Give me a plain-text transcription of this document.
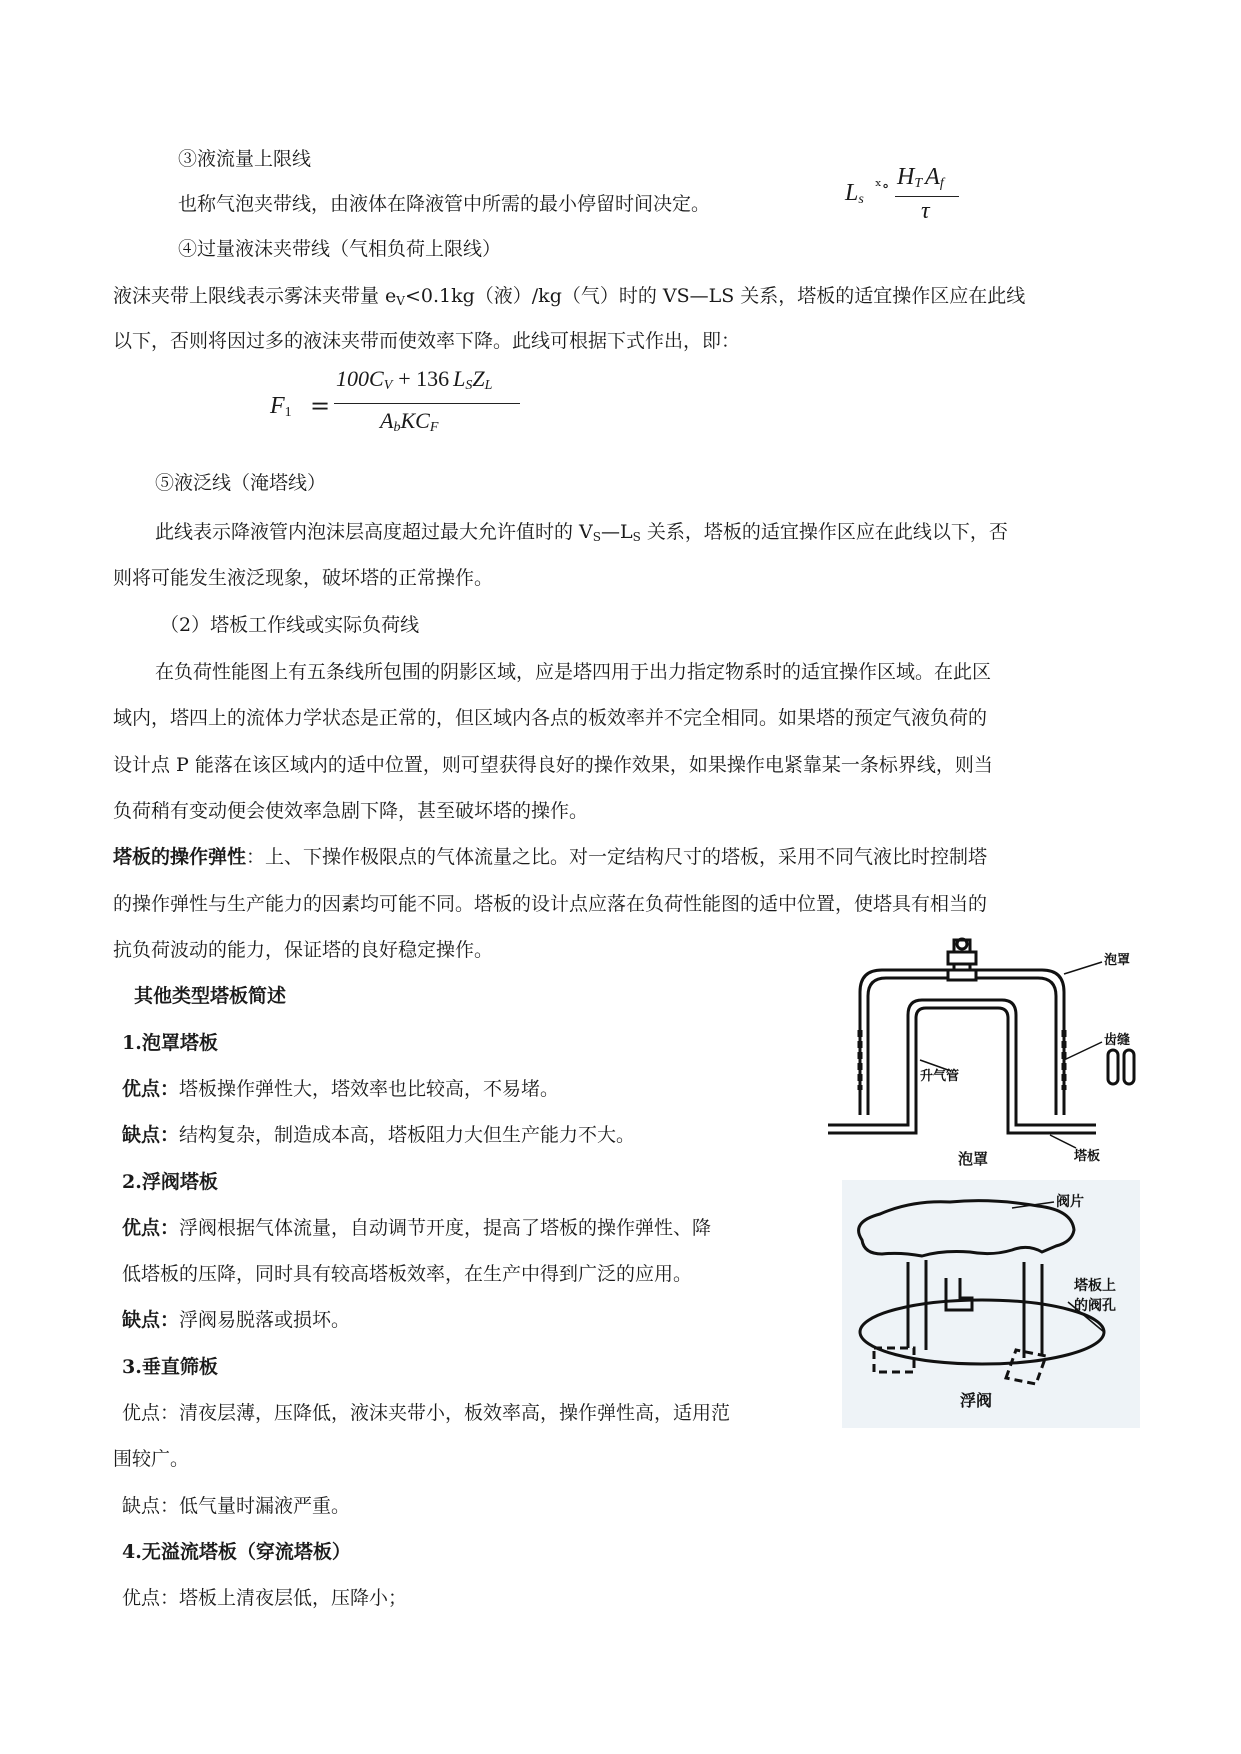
③液流量上限线
也称气泡夹带线，由液体在降液管中所需的最小停留时间决定。	$L_s$
ˣ∘ $H_T$ $A_f$
τ
④过量液沫夹带线（气相负荷上限线）
液沫夹带上限线表示雾沫夹带量 $e_V<0.1kg$（液）/kg（气）时的 VS—LS 关系，塔板的适宜操作区应在此线
以下，否则将因过多的液沫夹带而使效率下降。此线可根据下式作出，即：
$F_1$ =
$100C_V + 136$ $L_SZ_L$
$A_bKC_F$
⑤液泛线（淹塔线）
此线表示降液管内泡沫层高度超过最大允许值时的 $V_S—L_S$ 关系，塔板的适宜操作区应在此线以下，否
则将可能发生液泛现象，破坏塔的正常操作。
（2）塔板工作线或实际负荷线
在负荷性能图上有五条线所包围的阴影区域，应是塔四用于出力指定物系时的适宜操作区域。在此区
域内，塔四上的流体力学状态是正常的，但区域内各点的板效率并不完全相同。如果塔的预定气液负荷的
设计点 P 能落在该区域内的适中位置，则可望获得良好的操作效果，如果操作电紧靠某一条标界线，则当
负荷稍有变动便会使效率急剧下降，甚至破坏塔的操作。
塔板的操作弹性：上、下操作极限点的气体流量之比。对一定结构尺寸的塔板，采用不同气液比时控制塔
的操作弹性与生产能力的因素均可能不同。塔板的设计点应落在负荷性能图的适中位置，使塔具有相当的
抗负荷波动的能力，保证塔的良好稳定操作。
其他类型塔板简述
1.泡罩塔板
优点：塔板操作弹性大，塔效率也比较高，不易堵。
缺点：结构复杂，制造成本高，塔板阻力大但生产能力不大。
2.浮阀塔板
优点：浮阀根据气体流量，自动调节开度，提高了塔板的操作弹性、降
低塔板的压降，同时具有较高塔板效率，在生产中得到广泛的应用。
缺点：浮阀易脱落或损坏。
3.垂直筛板
优点：清夜层薄，压降低，液沫夹带小，板效率高，操作弹性高，适用范
围较广。
缺点：低气量时漏液严重。
4.无溢流塔板（穿流塔板）
优点：塔板上清夜层低，压降小；
泡罩
齿缝
升气管
塔板
泡罩
阀片
塔板上
的阀孔
浮阀
